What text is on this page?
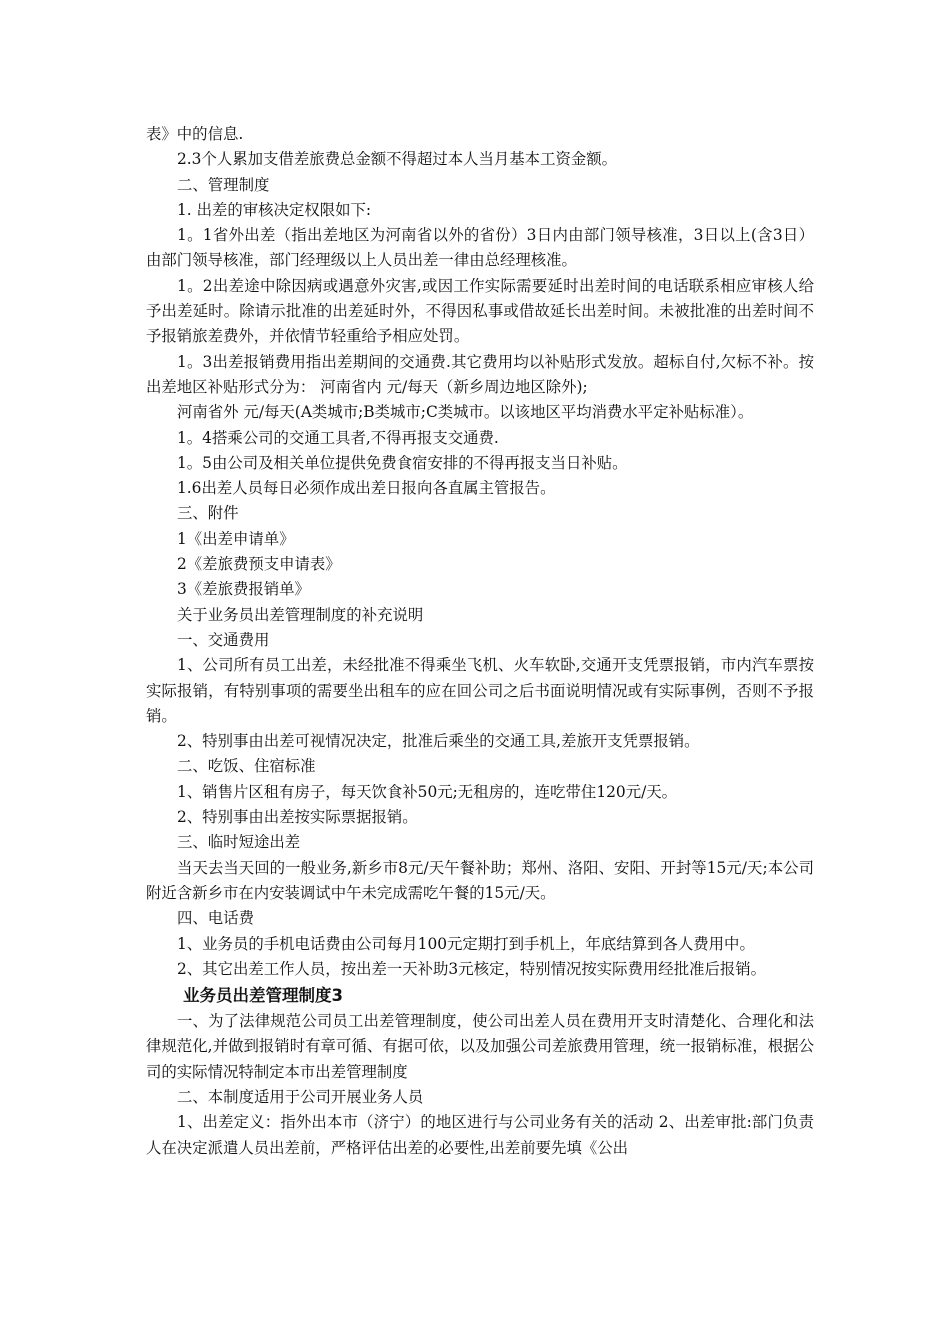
表》中的信息.

2.3个人累加支借差旅费总金额不得超过本人当月基本工资金额。

二、管理制度

1. 出差的审核决定权限如下:

1。1省外出差（指出差地区为河南省以外的省份）3日内由部门领导核准，3日以上(含3日）由部门领导核准，部门经理级以上人员出差一律由总经理核准。

1。2出差途中除因病或遇意外灾害,或因工作实际需要延时出差时间的电话联系相应审核人给予出差延时。除请示批准的出差延时外，不得因私事或借故延长出差时间。未被批准的出差时间不予报销旅差费外，并依情节轻重给予相应处罚。

1。3出差报销费用指出差期间的交通费.其它费用均以补贴形式发放。超标自付,欠标不补。按出差地区补贴形式分为： 河南省内 元/每天（新乡周边地区除外);

河南省外 元/每天(A类城市;B类城市;C类城市。以该地区平均消费水平定补贴标准）。

1。4搭乘公司的交通工具者,不得再报支交通费.

1。5由公司及相关单位提供免费食宿安排的不得再报支当日补贴。

1.6出差人员每日必须作成出差日报向各直属主管报告。

三、附件

1《出差申请单》

2《差旅费预支申请表》

3《差旅费报销单》

关于业务员出差管理制度的补充说明

一、交通费用

1、公司所有员工出差，未经批准不得乘坐飞机、火车软卧,交通开支凭票报销，市内汽车票按实际报销，有特别事项的需要坐出租车的应在回公司之后书面说明情况或有实际事例，否则不予报销。

2、特别事由出差可视情况决定，批准后乘坐的交通工具,差旅开支凭票报销。

二、吃饭、住宿标准

1、销售片区租有房子，每天饮食补50元;无租房的，连吃带住120元/天。

2、特别事由出差按实际票据报销。

三、临时短途出差

当天去当天回的一般业务,新乡市8元/天午餐补助；郑州、洛阳、安阳、开封等15元/天;本公司附近含新乡市在内安装调试中午未完成需吃午餐的15元/天。

四、电话费

1、业务员的手机电话费由公司每月100元定期打到手机上，年底结算到各人费用中。

2、其它出差工作人员，按出差一天补助3元核定，特别情况按实际费用经批准后报销。

业务员出差管理制度3

一、为了法律规范公司员工出差管理制度，使公司出差人员在费用开支时清楚化、合理化和法律规范化,并做到报销时有章可循、有据可依，以及加强公司差旅费用管理，统一报销标准，根据公司的实际情况特制定本市出差管理制度

二、本制度适用于公司开展业务人员

1、出差定义：指外出本市（济宁）的地区进行与公司业务有关的活动 2、出差审批:部门负责人在决定派遣人员出差前，严格评估出差的必要性,出差前要先填《公出
